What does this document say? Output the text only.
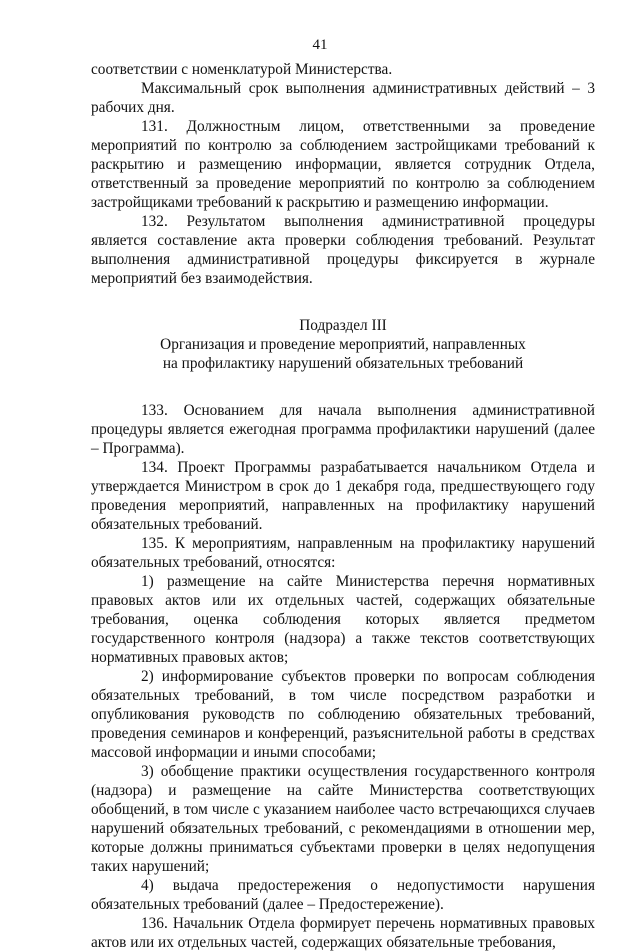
41

соответствии с номенклатурой Министерства.

Максимальный срок выполнения административных действий – 3 рабочих дня.

131. Должностным лицом, ответственными за проведение мероприятий по контролю за соблюдением застройщиками требований к раскрытию и размещению информации, является сотрудник Отдела, ответственный за проведение мероприятий по контролю за соблюдением застройщиками требований к раскрытию и размещению информации.

132. Результатом выполнения административной процедуры является составление акта проверки соблюдения требований. Результат выполнения административной процедуры фиксируется в журнале мероприятий без взаимодействия.

Подраздел III

Организация и проведение мероприятий, направленных

на профилактику нарушений обязательных требований

133. Основанием для начала выполнения административной процедуры является ежегодная программа профилактики нарушений (далее – Программа).

134. Проект Программы разрабатывается начальником Отдела и утверждается Министром в срок до 1 декабря года, предшествующего году проведения мероприятий, направленных на профилактику нарушений обязательных требований.

135. К мероприятиям, направленным на профилактику нарушений обязательных требований, относятся:

1) размещение на сайте Министерства перечня нормативных правовых актов или их отдельных частей, содержащих обязательные требования, оценка соблюдения которых является предметом государственного контроля (надзора) а также текстов соответствующих нормативных правовых актов;

2) информирование субъектов проверки по вопросам соблюдения обязательных требований, в том числе посредством разработки и опубликования руководств по соблюдению обязательных требований, проведения семинаров и конференций, разъяснительной работы в средствах массовой информации и иными способами;

3) обобщение практики осуществления государственного контроля (надзора) и размещение на сайте Министерства соответствующих обобщений, в том числе с указанием наиболее часто встречающихся случаев нарушений обязательных требований, с рекомендациями в отношении мер, которые должны приниматься субъектами проверки в целях недопущения таких нарушений;

4) выдача предостережения о недопустимости нарушения обязательных требований (далее – Предостережение).

136. Начальник Отдела формирует перечень нормативных правовых актов или их отдельных частей, содержащих обязательные требования,
